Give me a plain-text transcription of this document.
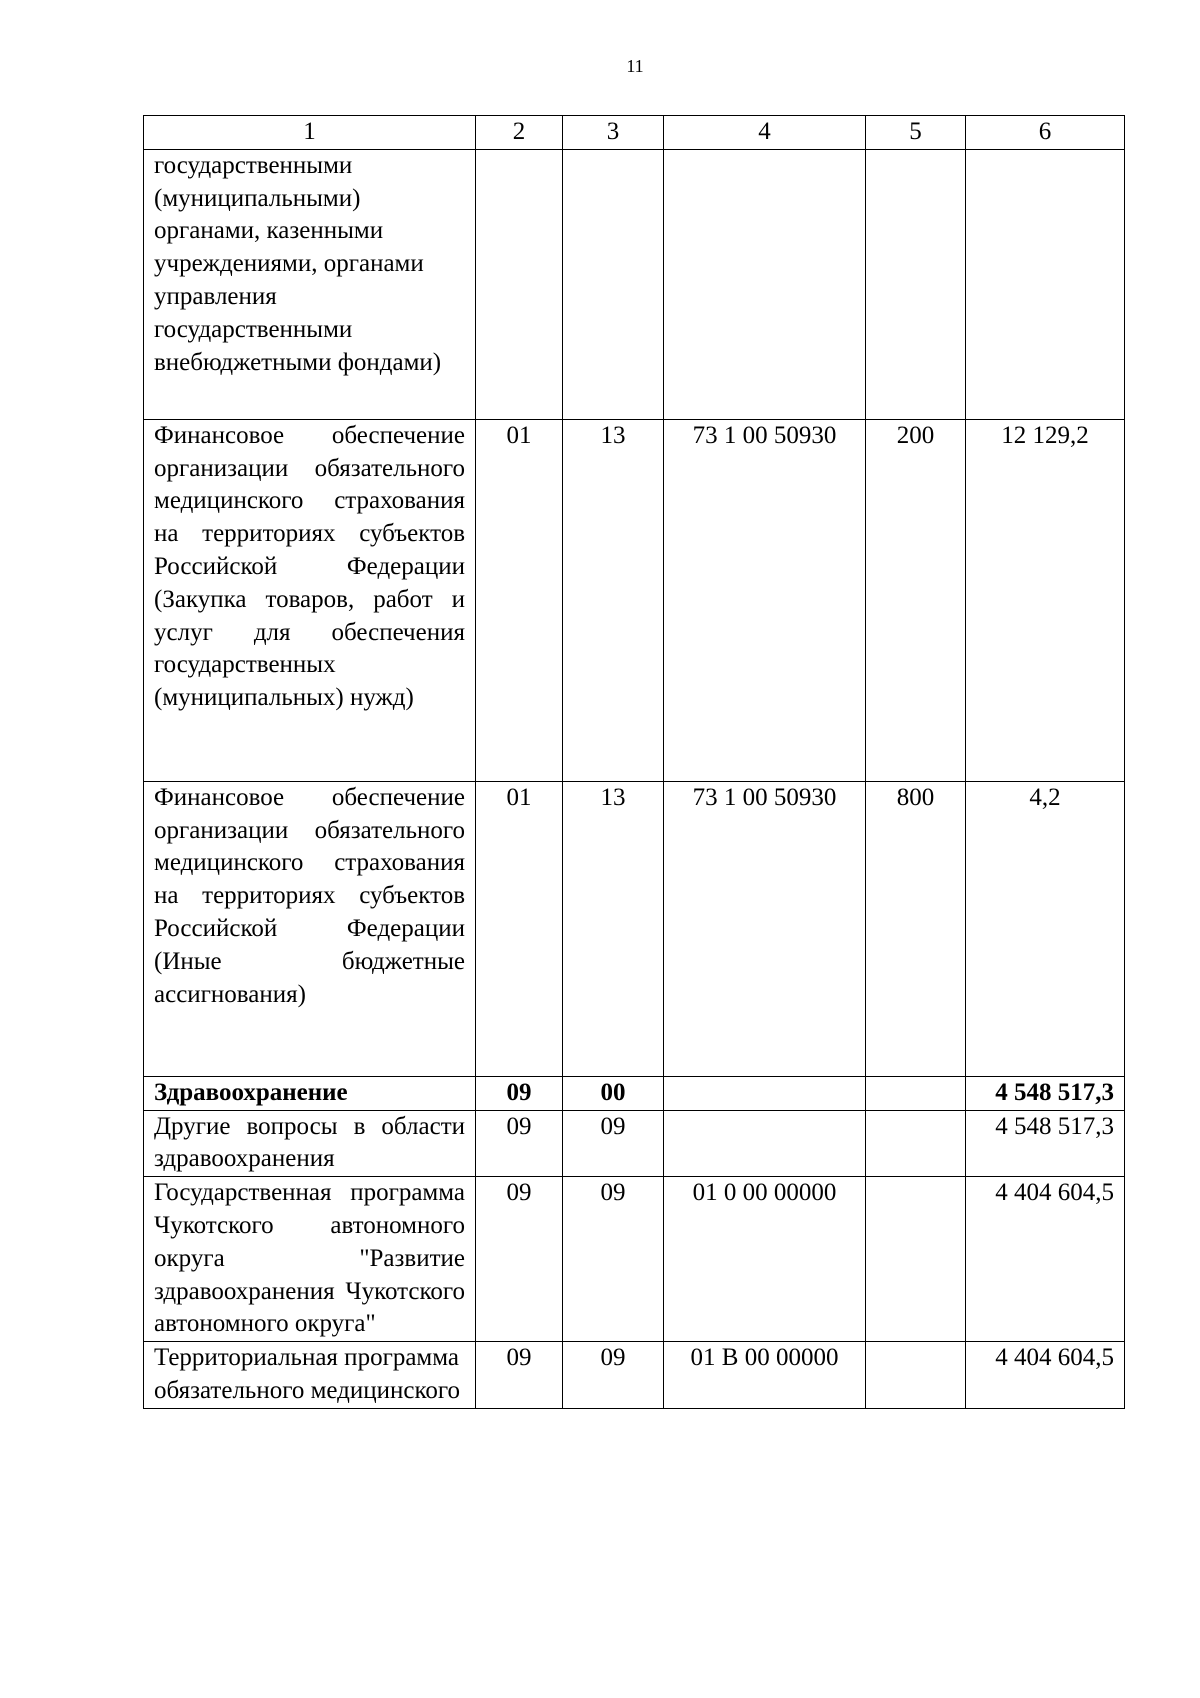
11
1	2	3	4	5	6
государственными (муниципальными) органами, казенными учреждениями, органами управления государственными внебюджетными фондами)					
Финансовое обеспечение организации обязательного медицинского страхования на территориях субъектов Российской Федерации (Закупка товаров, работ и услуг для обеспечения государственных (муниципальных) нужд)	01	13	73 1 00 50930	200	12 129,2
Финансовое обеспечение организации обязательного медицинского страхования на территориях субъектов Российской Федерации (Иные бюджетные ассигнования)	01	13	73 1 00 50930	800	4,2
Здравоохранение	09	00			4 548 517,3
Другие вопросы в области здравоохранения	09	09			4 548 517,3
Государственная программа Чукотского автономного округа "Развитие здравоохранения Чукотского автономного округа"	09	09	01 0 00 00000		4 404 604,5
Территориальная программа обязательного медицинского	09	09	01 В 00 00000		4 404 604,5
